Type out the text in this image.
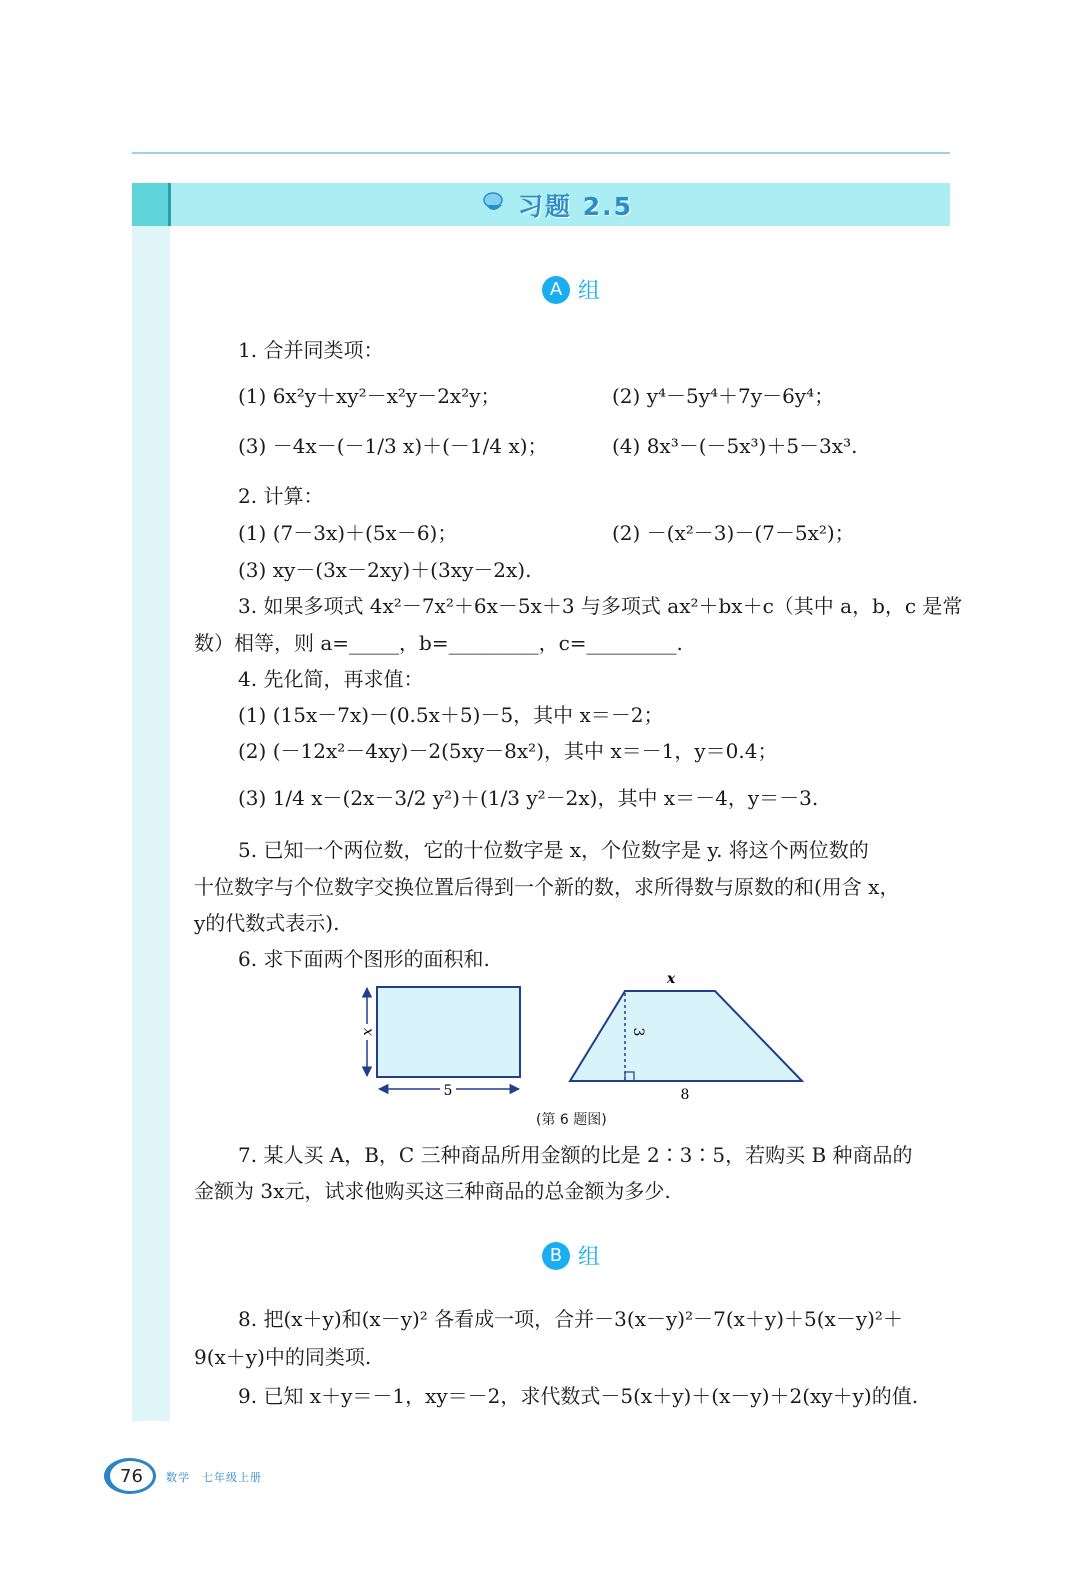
习题 2.5
A 组
1. 合并同类项：
(1) 6x²y＋xy²－x²y－2x²y；	(2) y⁴－5y⁴＋7y－6y⁴；
(3) －4x－(－1/3 x)＋(－1/4 x)；	(4) 8x³－(－5x³)＋5－3x³.
2. 计算：
(1) (7－3x)＋(5x－6)；	(2) －(x²－3)－(7－5x²)；
(3) xy－(3x－2xy)＋(3xy－2x).
3. 如果多项式 4x²－7x²＋6x－5x＋3 与多项式 ax²＋bx＋c（其中 a，b，c 是常
数）相等，则 a=_____，b=_________，c=_________.
4. 先化简，再求值：
(1) (15x－7x)－(0.5x＋5)－5，其中 x＝－2；
(2) (－12x²－4xy)－2(5xy－8x²)，其中 x＝－1，y＝0.4；
(3) 1/4 x－(2x－3/2 y²)＋(1/3 y²－2x)，其中 x＝－4，y＝－3.
5. 已知一个两位数，它的十位数字是 x，个位数字是 y. 将这个两位数的
十位数字与个位数字交换位置后得到一个新的数，求所得数与原数的和(用含 x，
y的代数式表示).
6. 求下面两个图形的面积和.
5
x
x
3
8
(第 6 题图)
7. 某人买 A，B，C 三种商品所用金额的比是 2∶3∶5，若购买 B 种商品的
金额为 3x元，试求他购买这三种商品的总金额为多少.
B 组
8. 把(x＋y)和(x－y)² 各看成一项，合并－3(x－y)²－7(x＋y)＋5(x－y)²＋
9(x＋y)中的同类项.
9. 已知 x＋y＝－1，xy＝－2，求代数式－5(x＋y)＋(x－y)＋2(xy＋y)的值.
76 数学　七年级上册
